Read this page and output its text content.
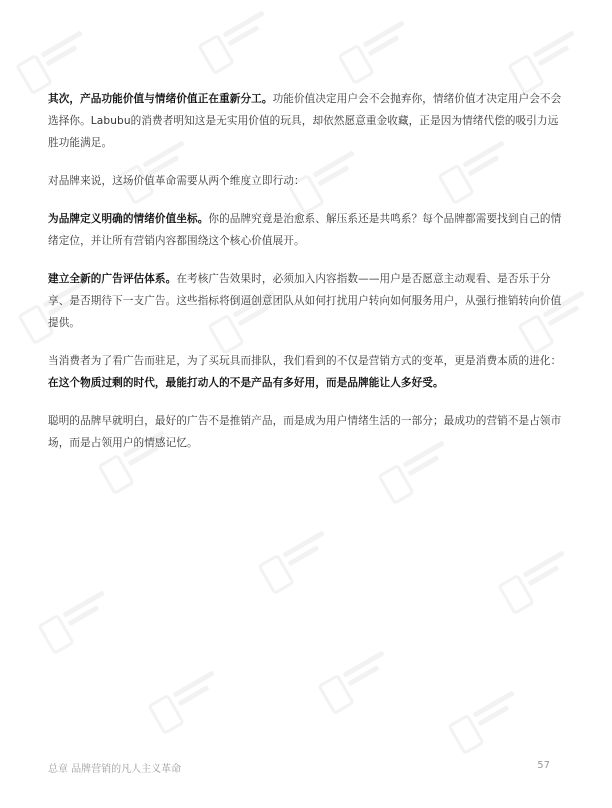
其次，产品功能价值与情绪价值正在重新分工。功能价值决定用户会不会抛弃你，情绪价值才决定用户会不会选择你。Labubu的消费者明知这是无实用价值的玩具，却依然愿意重金收藏，正是因为情绪代偿的吸引力远胜功能满足。

对品牌来说，这场价值革命需要从两个维度立即行动：

为品牌定义明确的情绪价值坐标。你的品牌究竟是治愈系、解压系还是共鸣系？每个品牌都需要找到自己的情绪定位，并让所有营销内容都围绕这个核心价值展开。

建立全新的广告评估体系。在考核广告效果时，必须加入内容指数——用户是否愿意主动观看、是否乐于分享、是否期待下一支广告。这些指标将倒逼创意团队从如何打扰用户转向如何服务用户，从强行推销转向价值提供。

当消费者为了看广告而驻足，为了买玩具而排队，我们看到的不仅是营销方式的变革，更是消费本质的进化：
在这个物质过剩的时代，最能打动人的不是产品有多好用，而是品牌能让人多好受。

聪明的品牌早就明白，最好的广告不是推销产品，而是成为用户情绪生活的一部分；最成功的营销不是占领市场，而是占领用户的情感记忆。

总章 品牌营销的凡人主义革命	57
